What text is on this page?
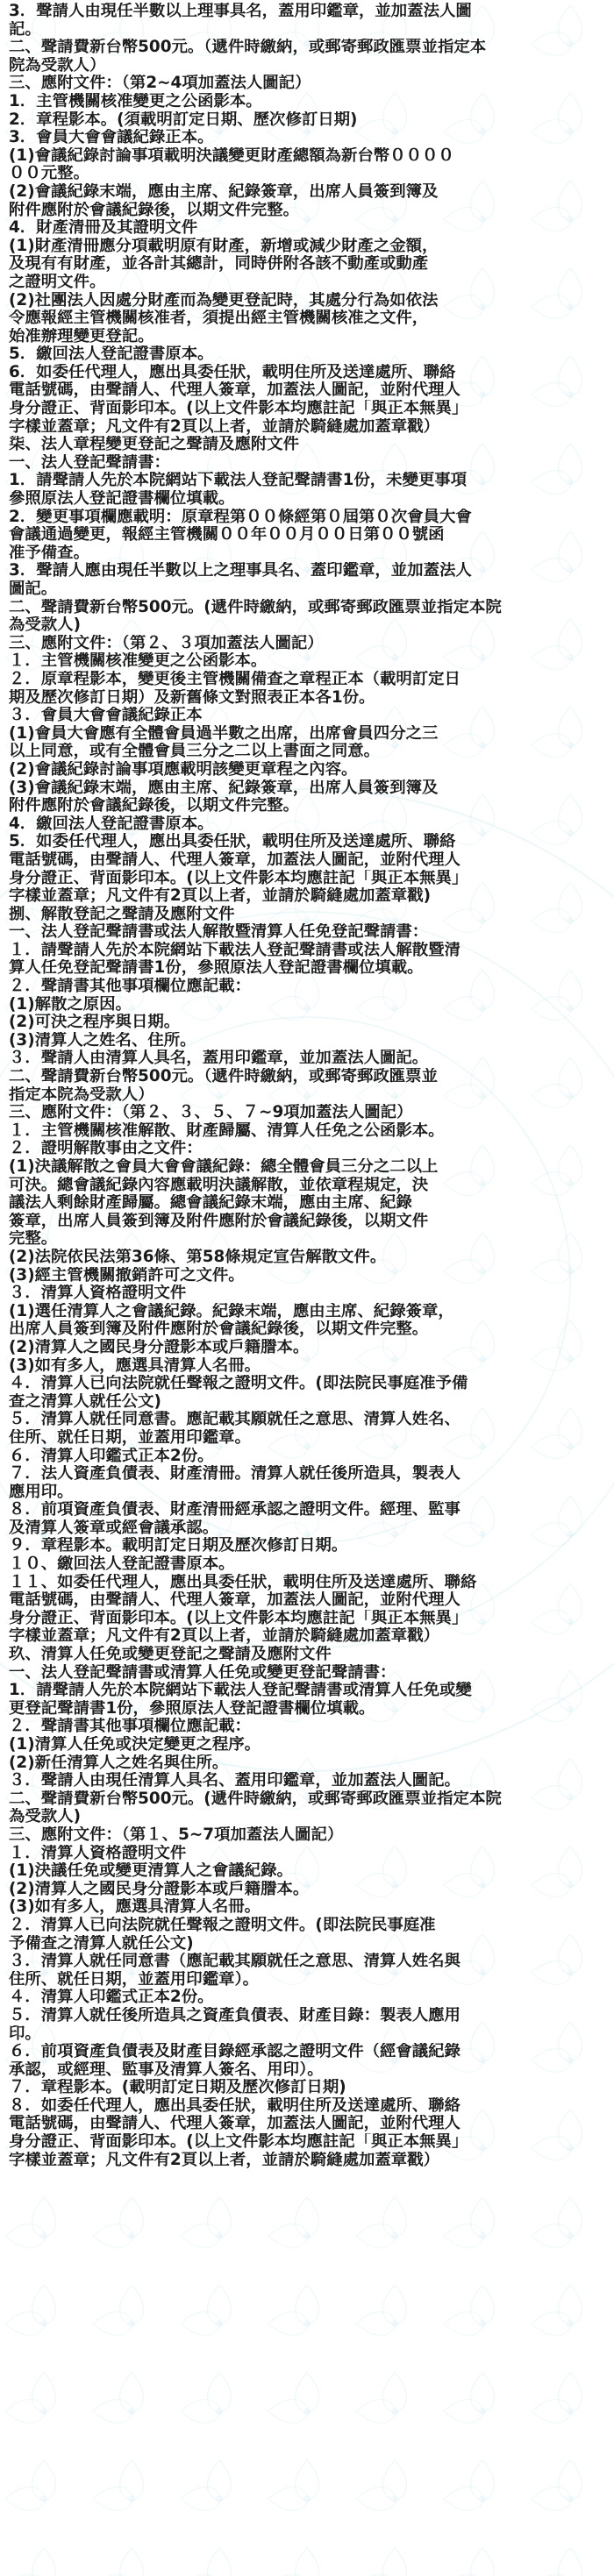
3．聲請人由現任半數以上理事具名，蓋用印鑑章，並加蓋法人圖
記。
二、聲請費新台幣500元。（遞件時繳納，或郵寄郵政匯票並指定本
院為受款人）
三、應附文件：（第2~4項加蓋法人圖記）
1．主管機關核准變更之公函影本。
2．章程影本。(須載明訂定日期、歷次修訂日期)
3．會員大會會議紀錄正本。
(1)會議紀錄討論事項載明決議變更財產總額為新台幣００００
００元整。
(2)會議紀錄末端，應由主席、紀錄簽章，出席人員簽到簿及
附件應附於會議紀錄後，以期文件完整。
4．財產清冊及其證明文件
(1)財產清冊應分項載明原有財產，新增或減少財產之金額，
及現有有財產，並各計其總計，同時併附各該不動產或動產
之證明文件。
(2)社團法人因處分財產而為變更登記時，其處分行為如依法
令應報經主管機關核准者，須提出經主管機關核准之文件，
始准辦理變更登記。
5．繳回法人登記證書原本。
6．如委任代理人，應出具委任狀，載明住所及送達處所、聯絡
電話號碼，由聲請人、代理人簽章，加蓋法人圖記，並附代理人
身分證正、背面影印本。(以上文件影本均應註記「與正本無異」
字樣並蓋章；凡文件有2頁以上者，並請於騎縫處加蓋章戳）
柒、法人章程變更登記之聲請及應附文件
一、法人登記聲請書：
1．請聲請人先於本院網站下載法人登記聲請書1份，未變更事項
參照原法人登記證書欄位填載。
2．變更事項欄應載明：原章程第００條經第０屆第０次會員大會
會議通過變更，報經主管機關００年００月００日第００號函
准予備查。
3．聲請人應由現任半數以上之理事具名、蓋印鑑章，並加蓋法人
圖記。
二、聲請費新台幣500元。(遞件時繳納，或郵寄郵政匯票並指定本院
為受款人)
三、應附文件：（第２、３項加蓋法人圖記）
１．主管機關核准變更之公函影本。
２．原章程影本，變更後主管機關備查之章程正本（載明訂定日
期及歷次修訂日期）及新舊條文對照表正本各1份。
３．會員大會會議紀錄正本
(1)會員大會應有全體會員過半數之出席，出席會員四分之三
以上同意，或有全體會員三分之二以上書面之同意。
(2)會議紀錄討論事項應載明該變更章程之內容。
(3)會議紀錄末端，應由主席、紀錄簽章，出席人員簽到簿及
附件應附於會議紀錄後，以期文件完整。
4．繳回法人登記證書原本。
5．如委任代理人，應出具委任狀，載明住所及送達處所、聯絡
電話號碼，由聲請人、代理人簽章，加蓋法人圖記，並附代理人
身分證正、背面影印本。(以上文件影本均應註記「與正本無異」
字樣並蓋章；凡文件有2頁以上者，並請於騎縫處加蓋章戳)
捌、解散登記之聲請及應附文件
一、法人登記聲請書或法人解散暨清算人任免登記聲請書：
１．請聲請人先於本院網站下載法人登記聲請書或法人解散暨清
算人任免登記聲請書1份，參照原法人登記證書欄位填載。
２．聲請書其他事項欄位應記載：
(1)解散之原因。
(2)可決之程序與日期。
(3)清算人之姓名、住所。
３．聲請人由清算人具名，蓋用印鑑章，並加蓋法人圖記。
二、聲請費新台幣500元。（遞件時繳納，或郵寄郵政匯票並
指定本院為受款人）
三、應附文件：（第２、３、５、７~9項加蓋法人圖記）
１．主管機關核准解散、財產歸屬、清算人任免之公函影本。
２．證明解散事由之文件：
(1)決議解散之會員大會會議紀錄：總全體會員三分之二以上
可決。總會議紀錄內容應載明決議解散，並依章程規定，決
議法人剩餘財產歸屬。總會議紀錄末端，應由主席、紀錄
簽章，出席人員簽到簿及附件應附於會議紀錄後，以期文件
完整。
(2)法院依民法第36條、第58條規定宣告解散文件。
(3)經主管機關撤銷許可之文件。
３．清算人資格證明文件
(1)選任清算人之會議紀錄。紀錄末端，應由主席、紀錄簽章，
出席人員簽到簿及附件應附於會議紀錄後，以期文件完整。
(2)清算人之國民身分證影本或戶籍謄本。
(3)如有多人，應選具清算人名冊。
４．清算人已向法院就任聲報之證明文件。(即法院民事庭准予備
查之清算人就任公文)
５．清算人就任同意書。應記載其願就任之意思、清算人姓名、
住所、就任日期，並蓋用印鑑章。
６．清算人印鑑式正本2份。
７．法人資產負債表、財產清冊。清算人就任後所造具，製表人
應用印。
８．前項資產負債表、財產清冊經承認之證明文件。經理、監事
及清算人簽章或經會議承認。
９．章程影本。載明訂定日期及歷次修訂日期。
１０、繳回法人登記證書原本。
１１、如委任代理人，應出具委任狀，載明住所及送達處所、聯絡
電話號碼，由聲請人、代理人簽章，加蓋法人圖記，並附代理人
身分證正、背面影印本。(以上文件影本均應註記「與正本無異」
字樣並蓋章；凡文件有2頁以上者，並請於騎縫處加蓋章戳）
玖、清算人任免或變更登記之聲請及應附文件
一、法人登記聲請書或清算人任免或變更登記聲請書：
1．請聲請人先於本院網站下載法人登記聲請書或清算人任免或變
更登記聲請書1份，參照原法人登記證書欄位填載。
２．聲請書其他事項欄位應記載：
(1)清算人任免或決定變更之程序。
(2)新任清算人之姓名與住所。
３．聲請人由現任清算人具名、蓋用印鑑章，並加蓋法人圖記。
二、聲請費新台幣500元。(遞件時繳納，或郵寄郵政匯票並指定本院
為受款人)
三、應附文件：（第１、5~7項加蓋法人圖記）
１．清算人資格證明文件
(1)決議任免或變更清算人之會議紀錄。
(2)清算人之國民身分證影本或戶籍謄本。
(3)如有多人，應選具清算人名冊。
２．清算人已向法院就任聲報之證明文件。(即法院民事庭准
予備查之清算人就任公文)
３．清算人就任同意書（應記載其願就任之意思、清算人姓名與
住所、就任日期，並蓋用印鑑章）。
４．清算人印鑑式正本2份。
５．清算人就任後所造具之資產負債表、財產目錄：製表人應用
印。
６．前項資產負債表及財產目錄經承認之證明文件（經會議紀錄
承認，或經理、監事及清算人簽名、用印）。
７．章程影本。(載明訂定日期及歷次修訂日期)
８．如委任代理人，應出具委任狀，載明住所及送達處所、聯絡
電話號碼，由聲請人、代理人簽章，加蓋法人圖記，並附代理人
身分證正、背面影印本。(以上文件影本均應註記「與正本無異」
字樣並蓋章；凡文件有2頁以上者，並請於騎縫處加蓋章戳）
